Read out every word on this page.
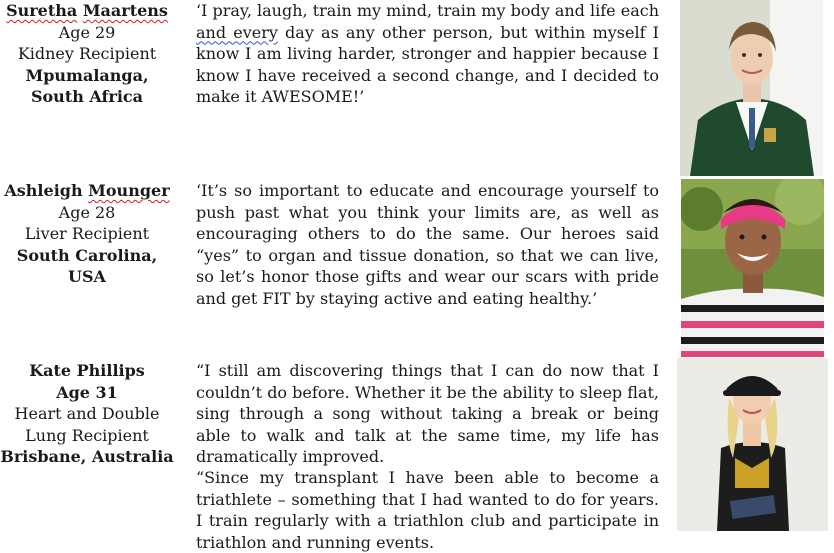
Suretha Maartens
Age 29
Kidney Recipient
Mpumalanga, South Africa

‘I pray, laugh, train my mind, train my body and life each and every day as any other person, but within myself I know I am living harder, stronger and happier because I know I have received a second change, and I decided to make it AWESOME!’

Ashleigh Mounger
Age 28
Liver Recipient
South Carolina, USA

‘It’s so important to educate and encourage yourself to push past what you think your limits are, as well as encouraging others to do the same. Our heroes said “yes” to organ and tissue donation, so that we can live, so let’s honor those gifts and wear our scars with pride and get FIT by staying active and eating healthy.’

Kate Phillips
Age 31
Heart and Double Lung Recipient
Brisbane, Australia

“I still am discovering things that I can do now that I couldn’t do before. Whether it be the ability to sleep flat, sing through a song without taking a break or being able to walk and talk at the same time, my life has dramatically improved.

“Since my transplant I have been able to become a triathlete – something that I had wanted to do for years. I train regularly with a triathlon club and participate in triathlon and running events.
